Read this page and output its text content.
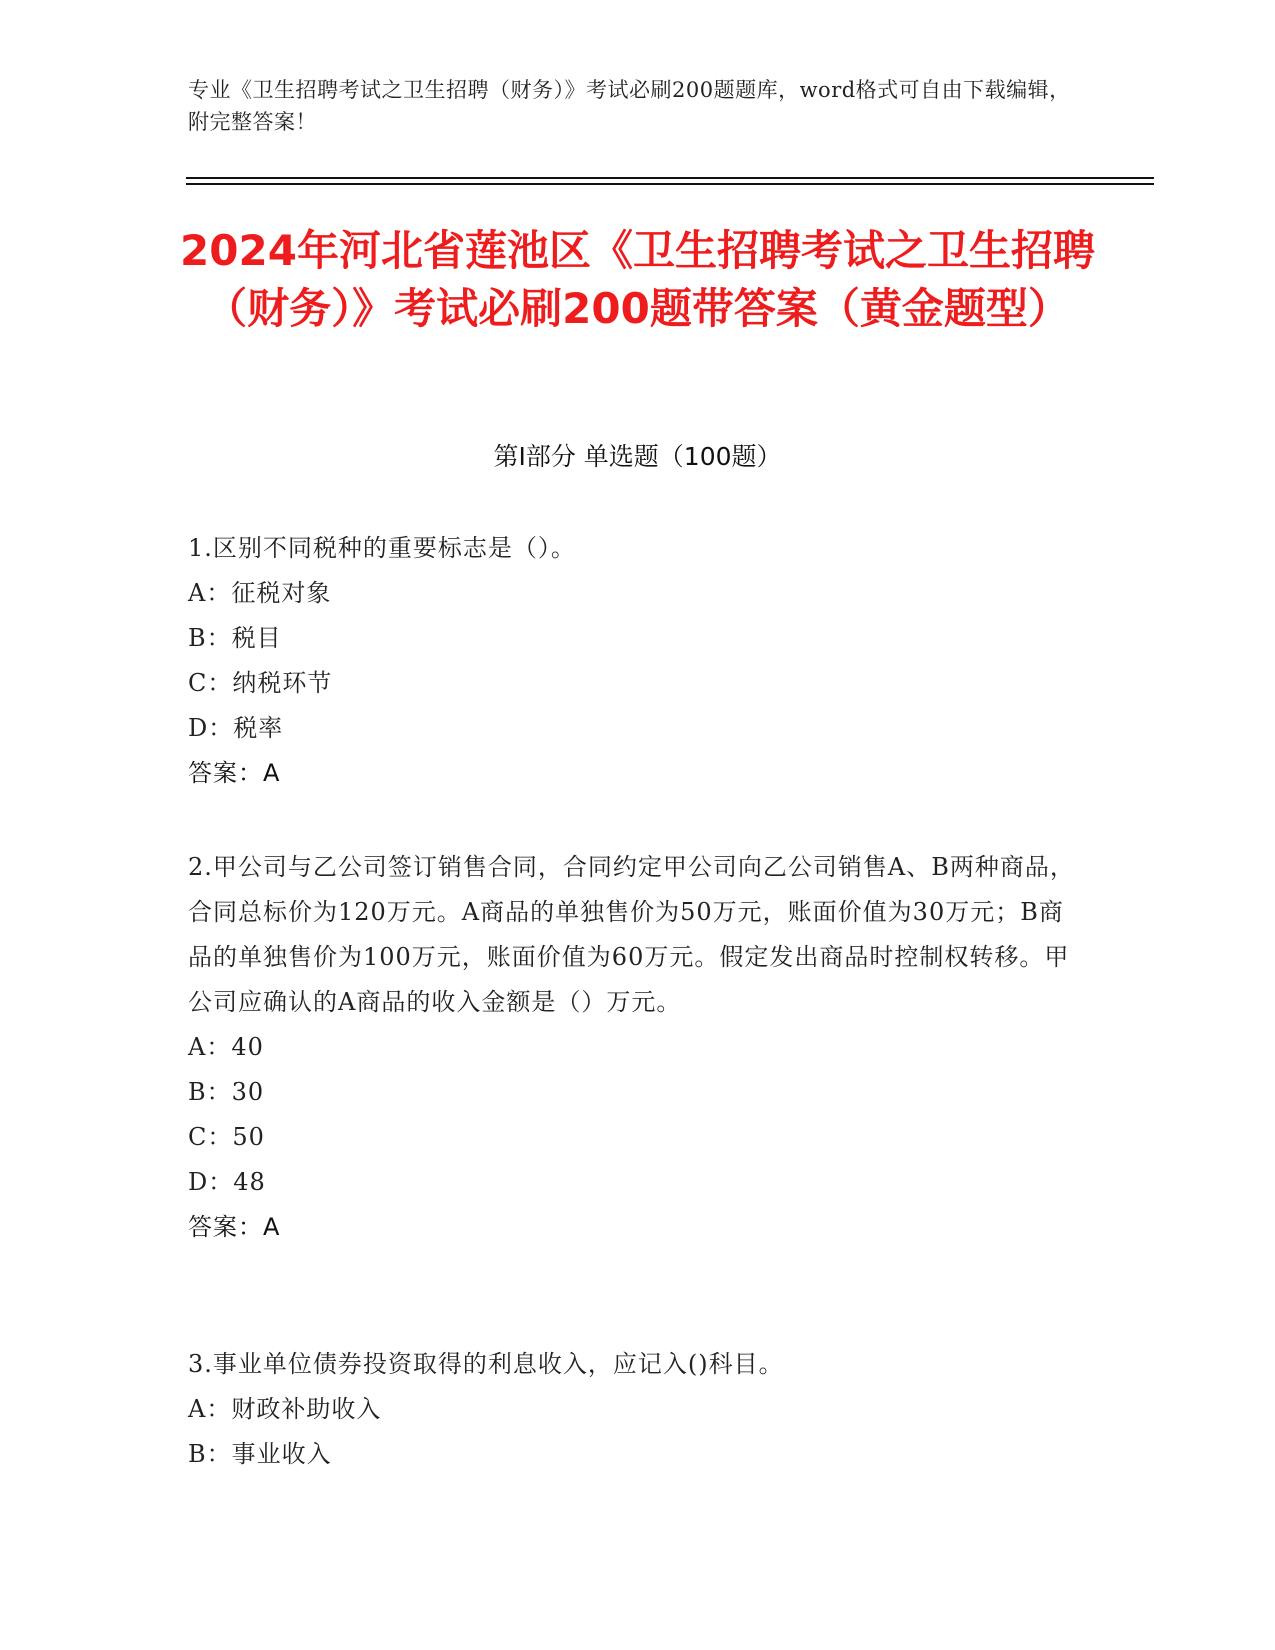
专业《卫生招聘考试之卫生招聘（财务）》考试必刷200题题库，word格式可自由下载编辑，附完整答案！
2024年河北省莲池区《卫生招聘考试之卫生招聘（财务）》考试必刷200题带答案（黄金题型）
第I部分 单选题（100题）

1.区别不同税种的重要标志是（）。

A：征税对象

B：税目

C：纳税环节

D：税率

答案：A

2.甲公司与乙公司签订销售合同，合同约定甲公司向乙公司销售A、B两种商品，合同总标价为120万元。A商品的单独售价为50万元，账面价值为30万元；B商品的单独售价为100万元，账面价值为60万元。假定发出商品时控制权转移。甲公司应确认的A商品的收入金额是（）万元。

A：40

B：30

C：50

D：48

答案：A

3.事业单位债券投资取得的利息收入，应记入()科目。

A：财政补助收入

B：事业收入
